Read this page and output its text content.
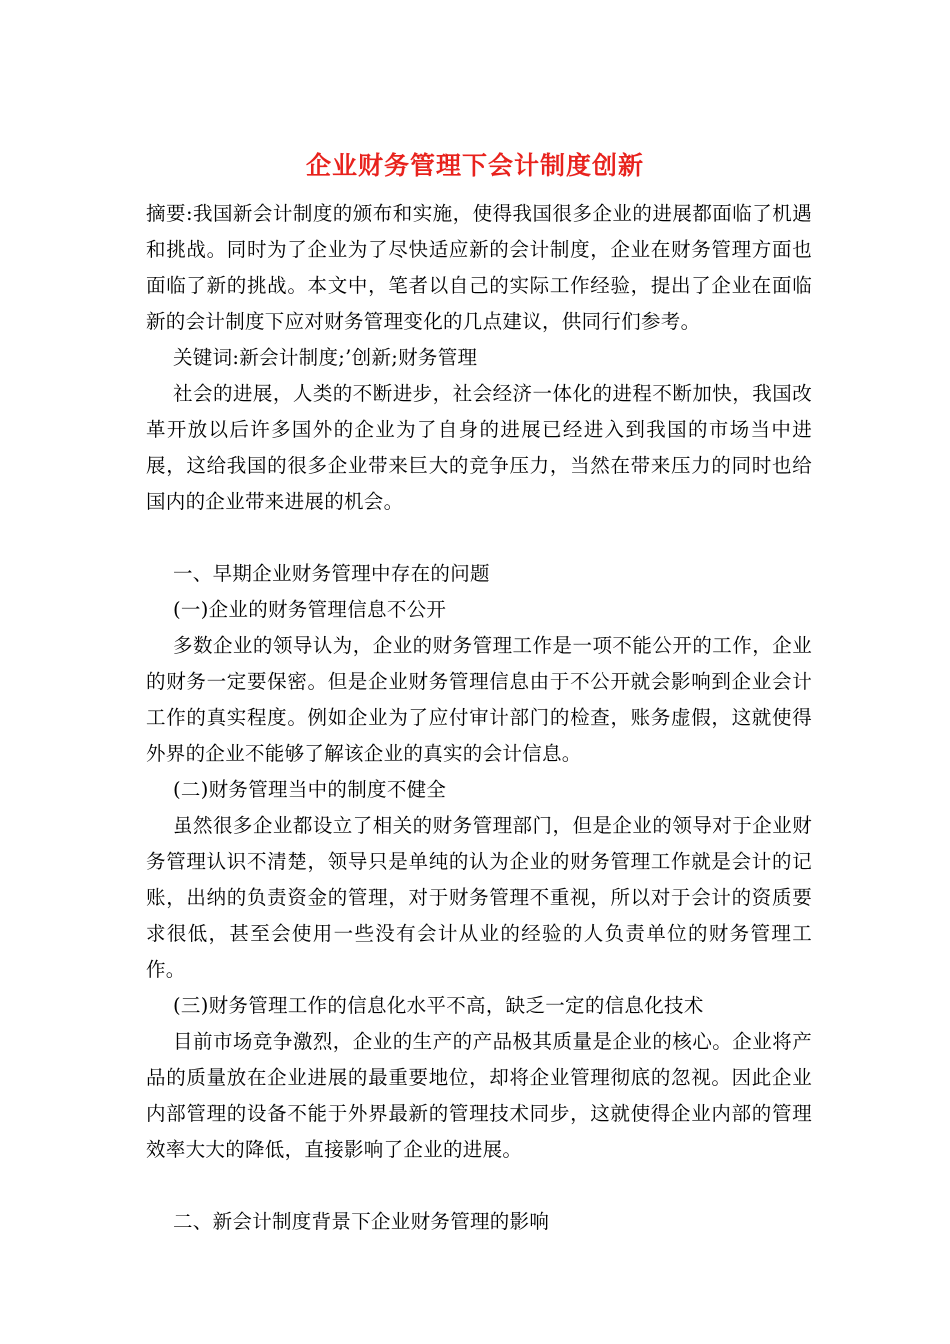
企业财务管理下会计制度创新

摘要:我国新会计制度的颁布和实施，使得我国很多企业的进展都面临了机遇和挑战。同时为了企业为了尽快适应新的会计制度，企业在财务管理方面也面临了新的挑战。本文中，笔者以自己的实际工作经验，提出了企业在面临新的会计制度下应对财务管理变化的几点建议，供同行们参考。

关键词:新会计制度;’创新;财务管理

社会的进展，人类的不断进步，社会经济一体化的进程不断加快，我国改革开放以后许多国外的企业为了自身的进展已经进入到我国的市场当中进展，这给我国的很多企业带来巨大的竞争压力，当然在带来压力的同时也给国内的企业带来进展的机会。

一、早期企业财务管理中存在的问题

(一)企业的财务管理信息不公开

多数企业的领导认为，企业的财务管理工作是一项不能公开的工作，企业的财务一定要保密。但是企业财务管理信息由于不公开就会影响到企业会计工作的真实程度。例如企业为了应付审计部门的检查，账务虚假，这就使得外界的企业不能够了解该企业的真实的会计信息。

(二)财务管理当中的制度不健全

虽然很多企业都设立了相关的财务管理部门，但是企业的领导对于企业财务管理认识不清楚，领导只是单纯的认为企业的财务管理工作就是会计的记账，出纳的负责资金的管理，对于财务管理不重视，所以对于会计的资质要求很低，甚至会使用一些没有会计从业的经验的人负责单位的财务管理工作。

(三)财务管理工作的信息化水平不高，缺乏一定的信息化技术

目前市场竞争激烈，企业的生产的产品极其质量是企业的核心。企业将产品的质量放在企业进展的最重要地位，却将企业管理彻底的忽视。因此企业内部管理的设备不能于外界最新的管理技术同步，这就使得企业内部的管理效率大大的降低，直接影响了企业的进展。

二、新会计制度背景下企业财务管理的影响
